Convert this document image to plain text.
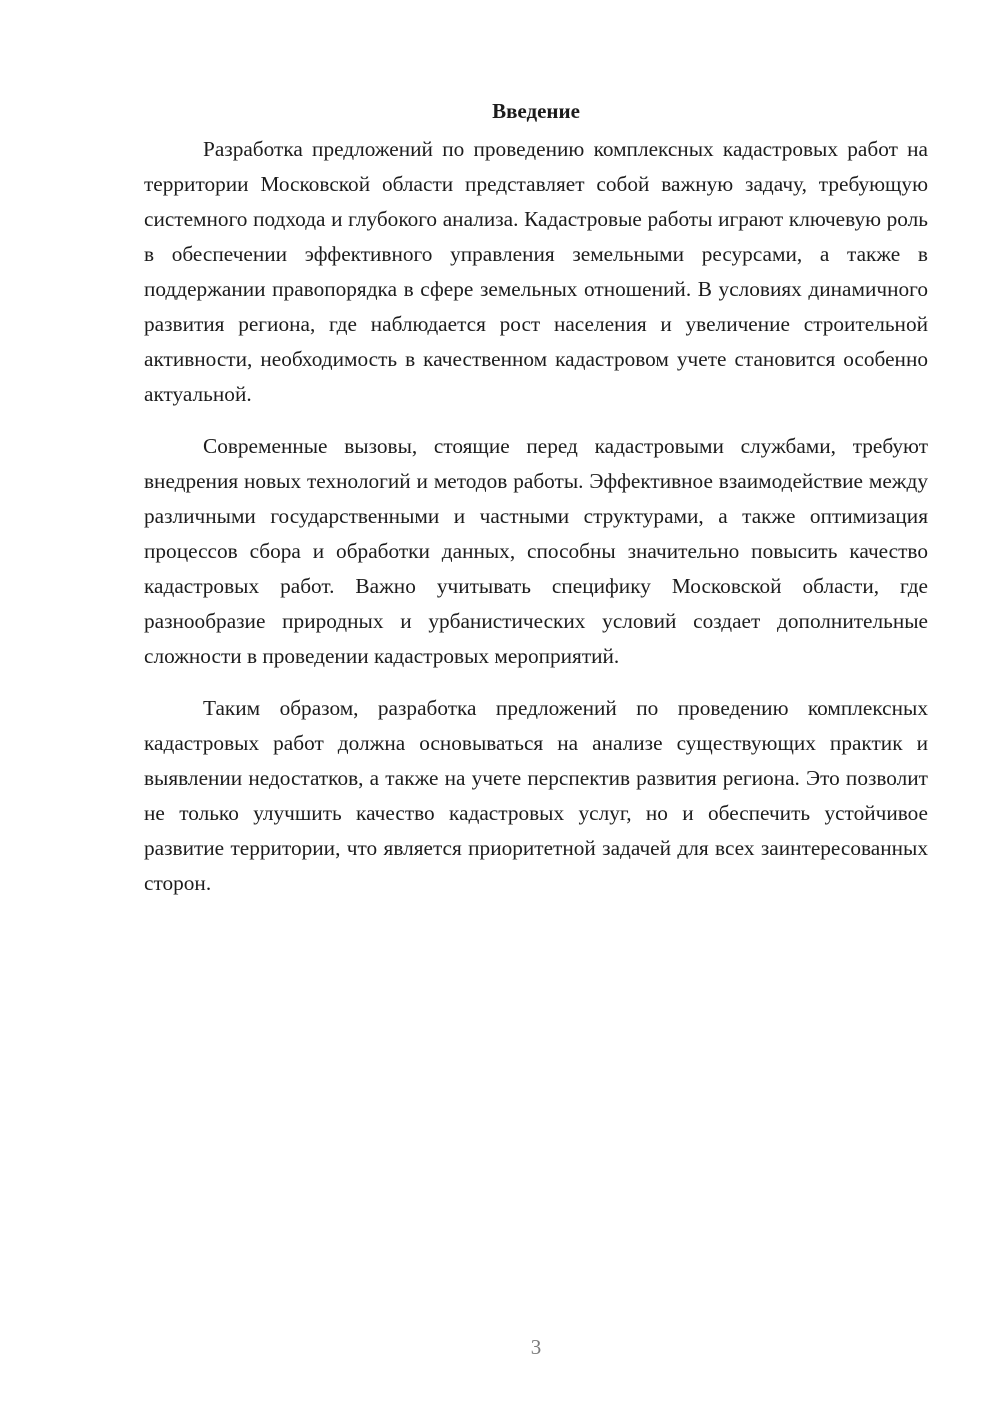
Введение

Разработка предложений по проведению комплексных кадастровых работ на территории Московской области представляет собой важную задачу, требующую системного подхода и глубокого анализа. Кадастровые работы играют ключевую роль в обеспечении эффективного управления земельными ресурсами, а также в поддержании правопорядка в сфере земельных отношений. В условиях динамичного развития региона, где наблюдается рост населения и увеличение строительной активности, необходимость в качественном кадастровом учете становится особенно актуальной.

Современные вызовы, стоящие перед кадастровыми службами, требуют внедрения новых технологий и методов работы. Эффективное взаимодействие между различными государственными и частными структурами, а также оптимизация процессов сбора и обработки данных, способны значительно повысить качество кадастровых работ. Важно учитывать специфику Московской области, где разнообразие природных и урбанистических условий создает дополнительные сложности в проведении кадастровых мероприятий.

Таким образом, разработка предложений по проведению комплексных кадастровых работ должна основываться на анализе существующих практик и выявлении недостатков, а также на учете перспектив развития региона. Это позволит не только улучшить качество кадастровых услуг, но и обеспечить устойчивое развитие территории, что является приоритетной задачей для всех заинтересованных сторон.

3
